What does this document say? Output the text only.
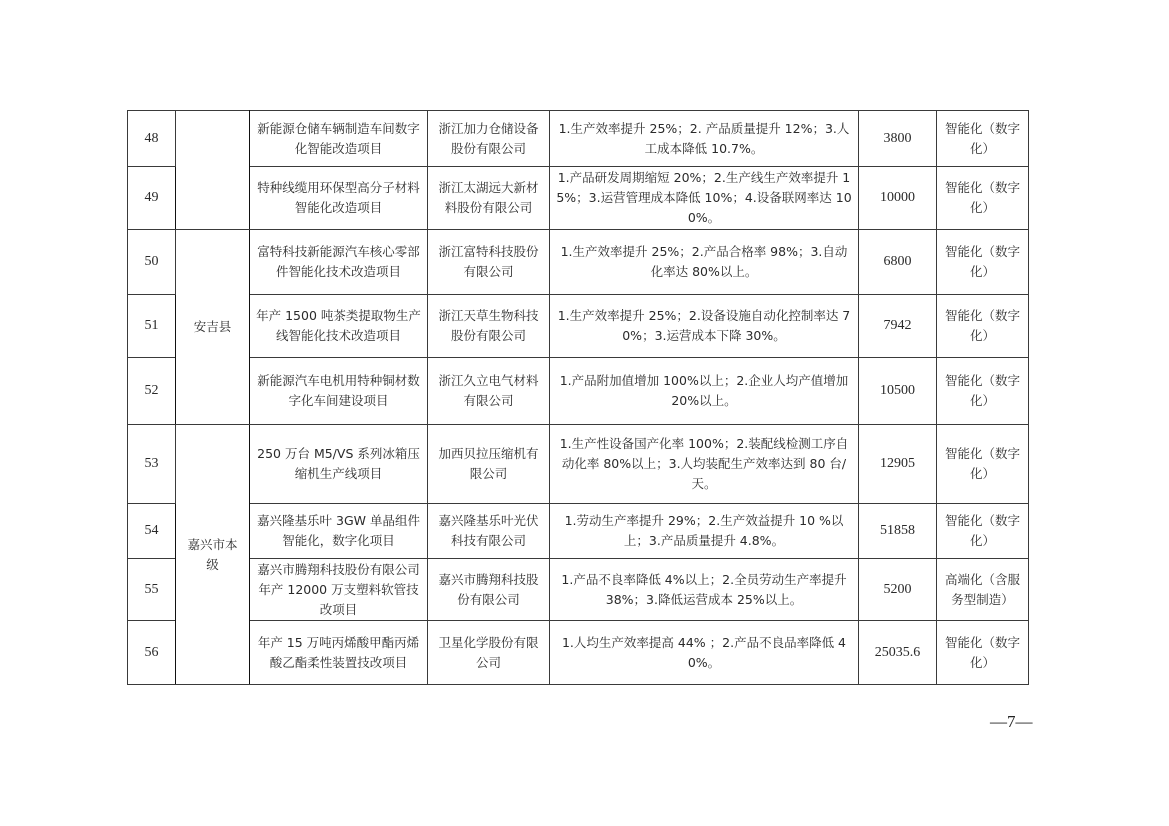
48		新能源仓储车辆制造车间数字化智能改造项目	浙江加力仓储设备股份有限公司	1.生产效率提升 25%；2. 产品质量提升 12%；3.人工成本降低 10.7%。	3800	智能化（数字化）
49		特种线缆用环保型高分子材料智能化改造项目	浙江太湖远大新材料股份有限公司	1.产品研发周期缩短 20%；2.生产线生产效率提升 15%；3.运营管理成本降低 10%；4.设备联网率达 100%。	10000	智能化（数字化）
50	安吉县	富特科技新能源汽车核心零部件智能化技术改造项目	浙江富特科技股份有限公司	1.生产效率提升 25%；2.产品合格率 98%；3.自动化率达 80%以上。	6800	智能化（数字化）
51		年产 1500 吨茶类提取物生产线智能化技术改造项目	浙江天草生物科技股份有限公司	1.生产效率提升 25%；2.设备设施自动化控制率达 70%；3.运营成本下降 30%。	7942	智能化（数字化）
52		新能源汽车电机用特种铜材数字化车间建设项目	浙江久立电气材料有限公司	1.产品附加值增加 100%以上；2.企业人均产值增加 20%以上。	10500	智能化（数字化）
53	嘉兴市本级	250 万台 M5/VS 系列冰箱压缩机生产线项目	加西贝拉压缩机有限公司	1.生产性设备国产化率 100%；2.装配线检测工序自动化率 80%以上；3.人均装配生产效率达到 80 台/天。	12905	智能化（数字化）
54		嘉兴隆基乐叶 3GW 单晶组件智能化，数字化项目	嘉兴隆基乐叶光伏科技有限公司	1.劳动生产率提升 29%；2.生产效益提升 10 %以上；3.产品质量提升 4.8%。	51858	智能化（数字化）
55		嘉兴市腾翔科技股份有限公司年产 12000 万支塑料软管技改项目	嘉兴市腾翔科技股份有限公司	1.产品不良率降低 4%以上；2.全员劳动生产率提升 38%；3.降低运营成本 25%以上。	5200	高端化（含服务型制造）
56		年产 15 万吨丙烯酸甲酯丙烯酸乙酯柔性装置技改项目	卫星化学股份有限公司	1.人均生产效率提高 44% ；2.产品不良品率降低 40%。	25035.6	智能化（数字化）
—7—
